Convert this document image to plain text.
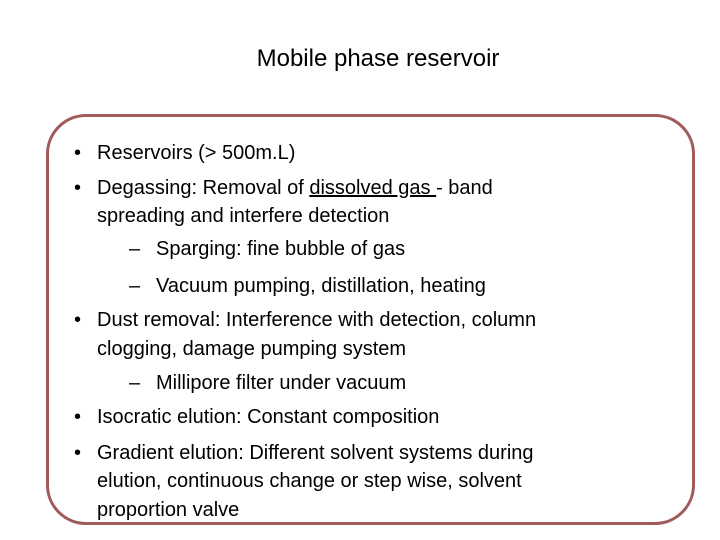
Mobile phase reservoir
• Reservoirs (> 500m.L)
• Degassing: Removal of dissolved gas - band
spreading and interfere detection
– Sparging: fine bubble of gas
– Vacuum pumping, distillation, heating
• Dust removal: Interference with detection, column
clogging, damage pumping system
– Millipore filter under vacuum
• Isocratic elution: Constant composition
• Gradient elution: Different solvent systems during
elution, continuous change or step wise, solvent
proportion valve
